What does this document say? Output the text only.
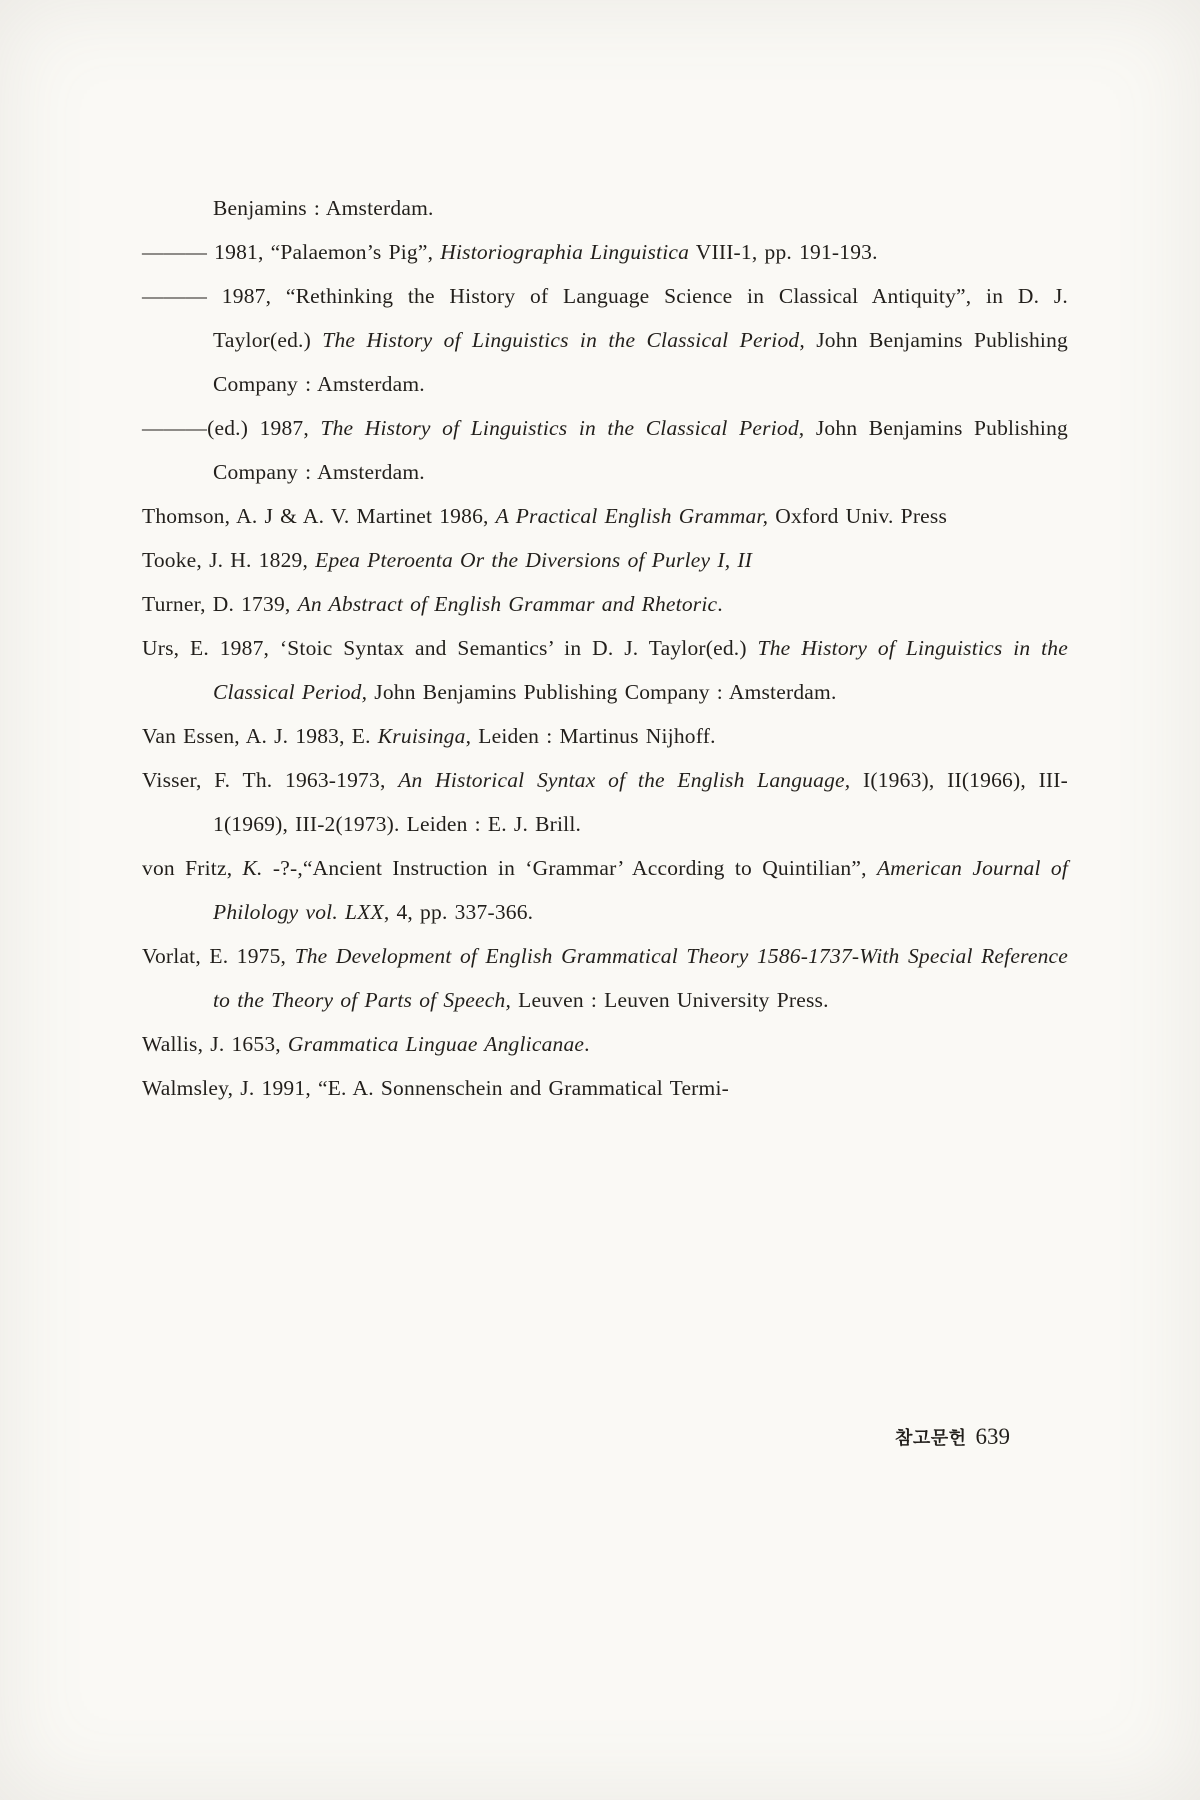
Benjamins : Amsterdam.

——— 1981, “Palaemon’s Pig”, Historiographia Linguistica VIII-1, pp. 191-193.

——— 1987, “Rethinking the History of Language Science in Classical Antiquity”, in D. J. Taylor(ed.) The History of Linguistics in the Classical Period, John Benjamins Publishing Company : Amsterdam.

———(ed.) 1987, The History of Linguistics in the Classical Period, John Benjamins Publishing Company : Amsterdam.

Thomson, A. J & A. V. Martinet 1986, A Practical English Grammar, Oxford Univ. Press

Tooke, J. H. 1829, Epea Pteroenta Or the Diversions of Purley I, II

Turner, D. 1739, An Abstract of English Grammar and Rhetoric.

Urs, E. 1987, ‘Stoic Syntax and Semantics’ in D. J. Taylor(ed.) The History of Linguistics in the Classical Period, John Benjamins Publishing Company : Amsterdam.

Van Essen, A. J. 1983, E. Kruisinga, Leiden : Martinus Nijhoff.

Visser, F. Th. 1963-1973, An Historical Syntax of the English Language, I(1963), II(1966), III-1(1969), III-2(1973). Leiden : E. J. Brill.

von Fritz, K. -?-,“Ancient Instruction in ‘Grammar’ According to Quintilian”, American Journal of Philology vol. LXX, 4, pp. 337-366.

Vorlat, E. 1975, The Development of English Grammatical Theory 1586-1737-With Special Reference to the Theory of Parts of Speech, Leuven : Leuven University Press.

Wallis, J. 1653, Grammatica Linguae Anglicanae.

Walmsley, J. 1991, “E. A. Sonnenschein and Grammatical Termi-

참고문헌 639
